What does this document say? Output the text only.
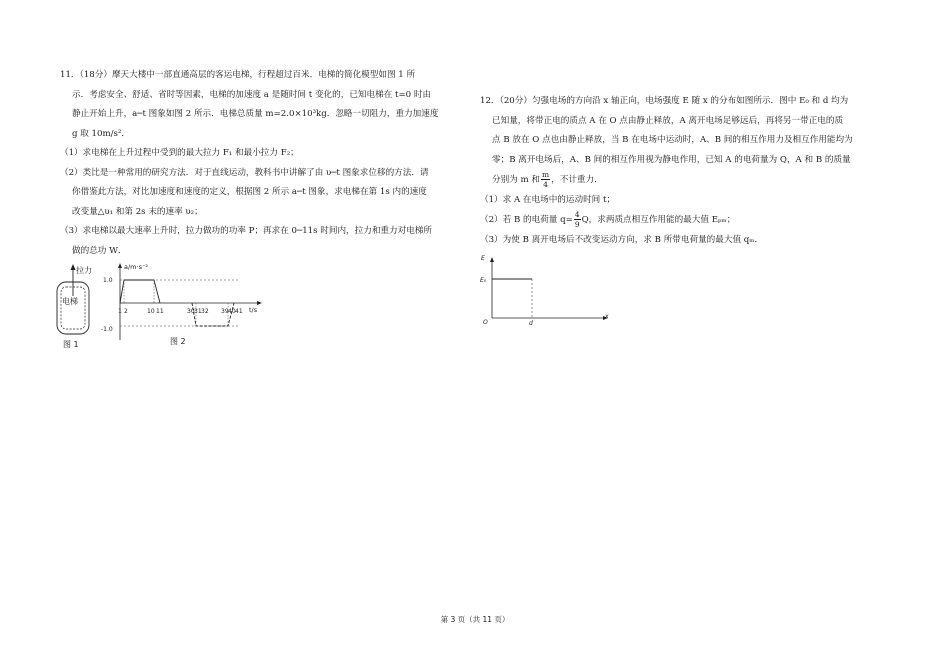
11．（18分）摩天大楼中一部直通高层的客运电梯，行程超过百米．电梯的简化模型如图 1 所

示．考虑安全、舒适、省时等因素，电梯的加速度 a 是随时间 t 变化的，已知电梯在 t=0 时由

静止开始上升，a─t 图象如图 2 所示．电梯总质量 m=2.0×10³kg．忽略一切阻力，重力加速度

g 取 10m/s²．

（1）求电梯在上升过程中受到的最大拉力 F₁ 和最小拉力 F₂；

（2）类比是一种常用的研究方法．对于直线运动，教科书中讲解了由 υ─t 图象求位移的方法．请

你借鉴此方法，对比加速度和速度的定义，根据图 2 所示 a─t 图象，求电梯在第 1s 内的速度

改变量△υ₁ 和第 2s 末的速率 υ₂；

（3）求电梯以最大速率上升时，拉力做功的功率 P；再求在 0─11s 时间内，拉力和重力对电梯所

做的总功 W．

拉力
电梯
图 1
a/m·s⁻²
t/s
1.0
-1.0
1 2	10 11	30 31 32 39 40 41
图 2

12．（20分）匀强电场的方向沿 x 轴正向，电场强度 E 随 x 的分布如图所示．图中 E₀ 和 d 均为

已知量，将带正电的质点 A 在 O 点由静止释放，A 离开电场足够远后，再将另一带正电的质

点 B 放在 O 点也由静止释放，当 B 在电场中运动时，A、B 间的相互作用力及相互作用能均为

零；B 离开电场后，A、B 间的相互作用视为静电作用，已知 A 的电荷量为 Q，A 和 B 的质量

分别为 m 和 $\frac{m}{4}$ ，不计重力．

（1）求 A 在电场中的运动时间 t；

（2）若 B 的电荷量 $q= \frac{4}{9}$ Q，求两质点相互作用能的最大值 Eₚₘ；

（3）为使 B 离开电场后不改变运动方向，求 B 所带电荷量的最大值 qₘ．

E
E₀
O	d
x
第 3 页（共 11 页）
